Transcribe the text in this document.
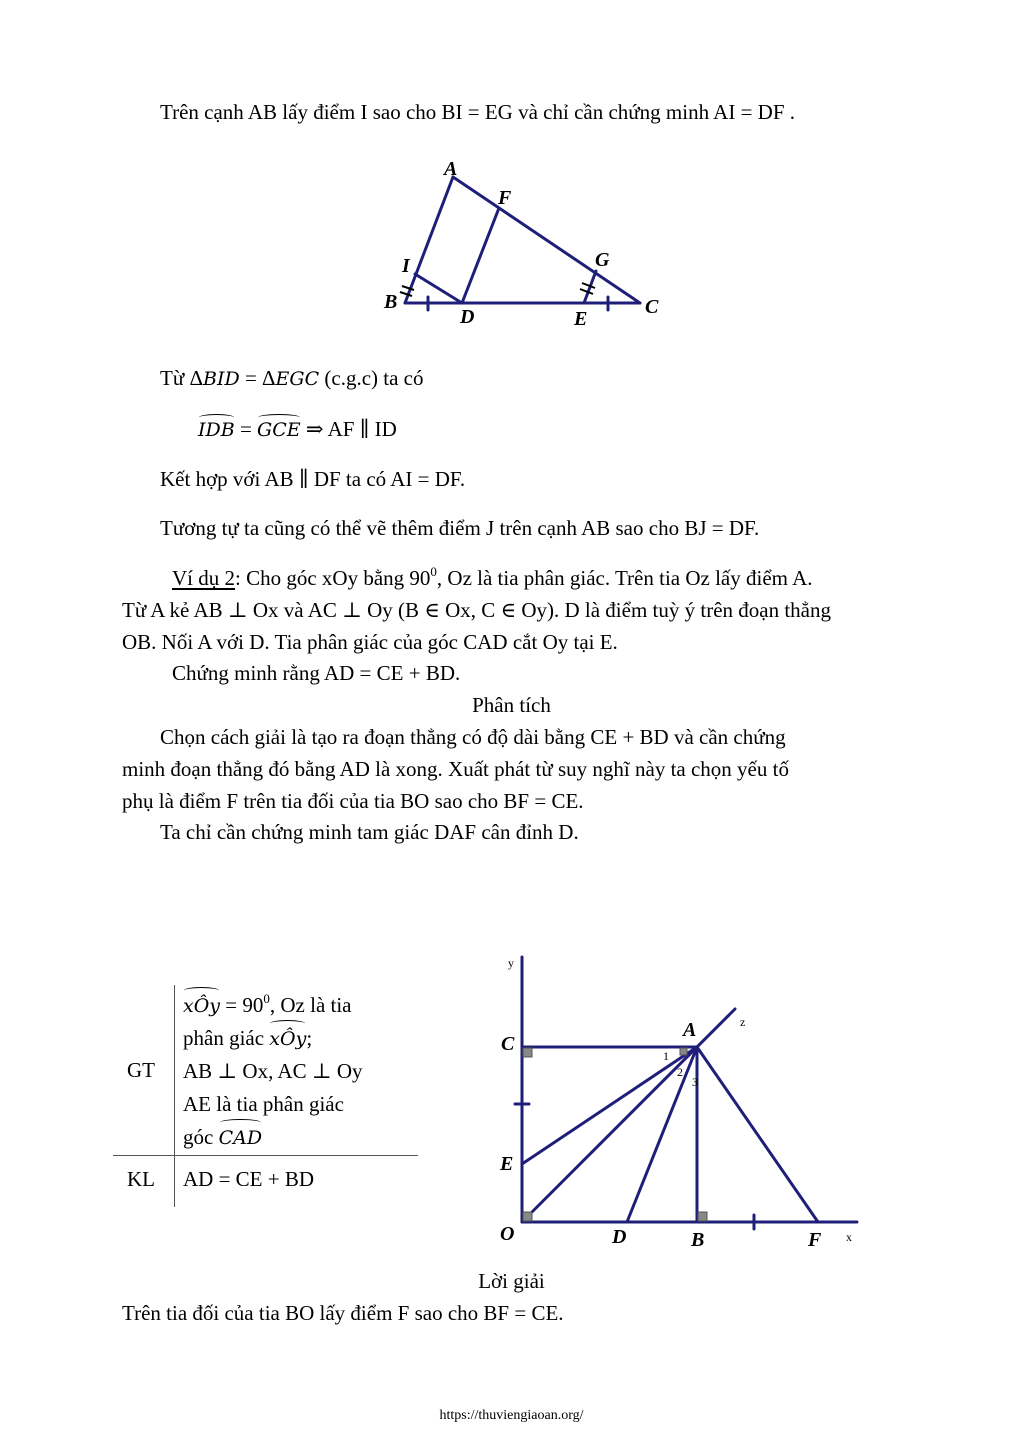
Trên cạnh AB lấy điểm I sao cho BI = EG và chỉ cần chứng minh AI = DF .
A
F
I	G
B
D	E
C
Từ ΔBID = ΔEGC (c.g.c) ta có
IDB = GCE ⇒ AF ∥ ID
Kết hợp với AB ∥ DF ta có AI = DF.
Tương tự ta cũng có thể vẽ thêm điểm J trên cạnh AB sao cho BJ = DF.
Ví dụ 2: Cho góc xOy bằng $90^0$, Oz là tia phân giác. Trên tia Oz lấy điểm A.
Từ A kẻ AB ⊥ Ox và AC ⊥ Oy (B ∈ Ox, C ∈ Oy). D là điểm tuỳ ý trên đoạn thẳng
OB. Nối A với D. Tia phân giác của góc CAD cắt Oy tại E.
Chứng minh rằng AD = CE + BD.
Phân tích
Chọn cách giải là tạo ra đoạn thẳng có độ dài bằng CE + BD và cần chứng
minh đoạn thẳng đó bằng AD là xong. Xuất phát từ suy nghĩ này ta chọn yếu tố
phụ là điểm F trên tia đối của tia BO sao cho BF = CE.
Ta chỉ cần chứng minh tam giác DAF cân đỉnh D.
GT
xÔy = $90^0$, Oz là tia
phân giác xÔy;
AB ⊥ Ox, AC ⊥ Oy
AE là tia phân giác
góc CAD
KL AD = CE + BD
y
z
x
1
2
3
A
C
E
O	D	B	F
Lời giải
Trên tia đối của tia BO lấy điểm F sao cho BF = CE.
https://thuviengiaoan.org/
